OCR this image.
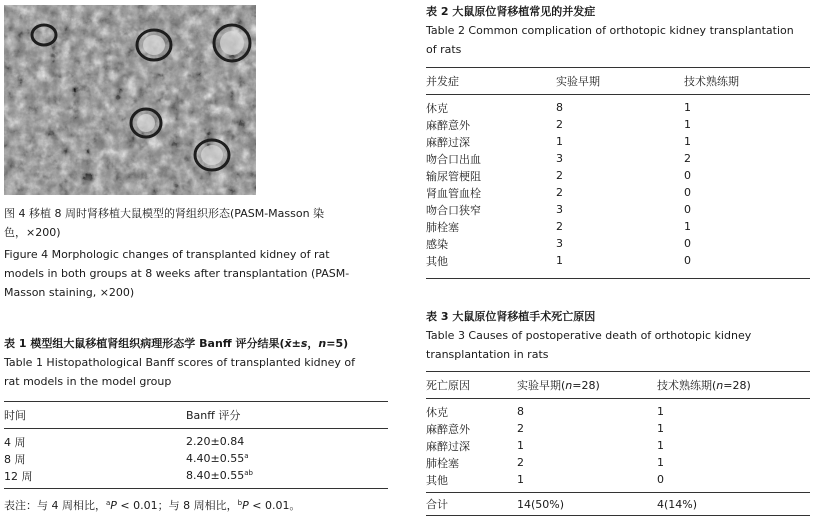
图 4 移植 8 周时肾移植大鼠模型的肾组织形态(PASM-Masson 染
色，×200)
Figure 4 Morphologic changes of transplanted kidney of rat
models in both groups at 8 weeks after transplantation (PASM-
Masson staining, ×200)
表 1 模型组大鼠移植肾组织病理形态学 Banff 评分结果(x̄±s，n=5)
Table 1 Histopathological Banff scores of transplanted kidney of
rat models in the model group
时间	Banff 评分
4 周	2.20±0.84
8 周	4.40±0.55$^a$
12 周	8.40±0.55$^{ab}$
表注：与 4 周相比，$^a$P < 0.01；与 8 周相比，$^b$P < 0.01。
表 2 大鼠原位肾移植常见的并发症
Table 2 Common complication of orthotopic kidney transplantation
of rats
并发症	实验早期	技术熟练期
休克	8	1
麻醉意外	2	1
麻醉过深	1	1
吻合口出血	3	2
输尿管梗阻	2	0
肾血管血栓	2	0
吻合口狭窄	3	0
肺栓塞	2	1
感染	3	0
其他	1	0
表 3 大鼠原位肾移植手术死亡原因
Table 3 Causes of postoperative death of orthotopic kidney
transplantation in rats
死亡原因	实验早期(n=28)	技术熟练期(n=28)
休克	8	1
麻醉意外	2	1
麻醉过深	1	1
肺栓塞	2	1
其他	1	0
合计	14(50%)	4(14%)
